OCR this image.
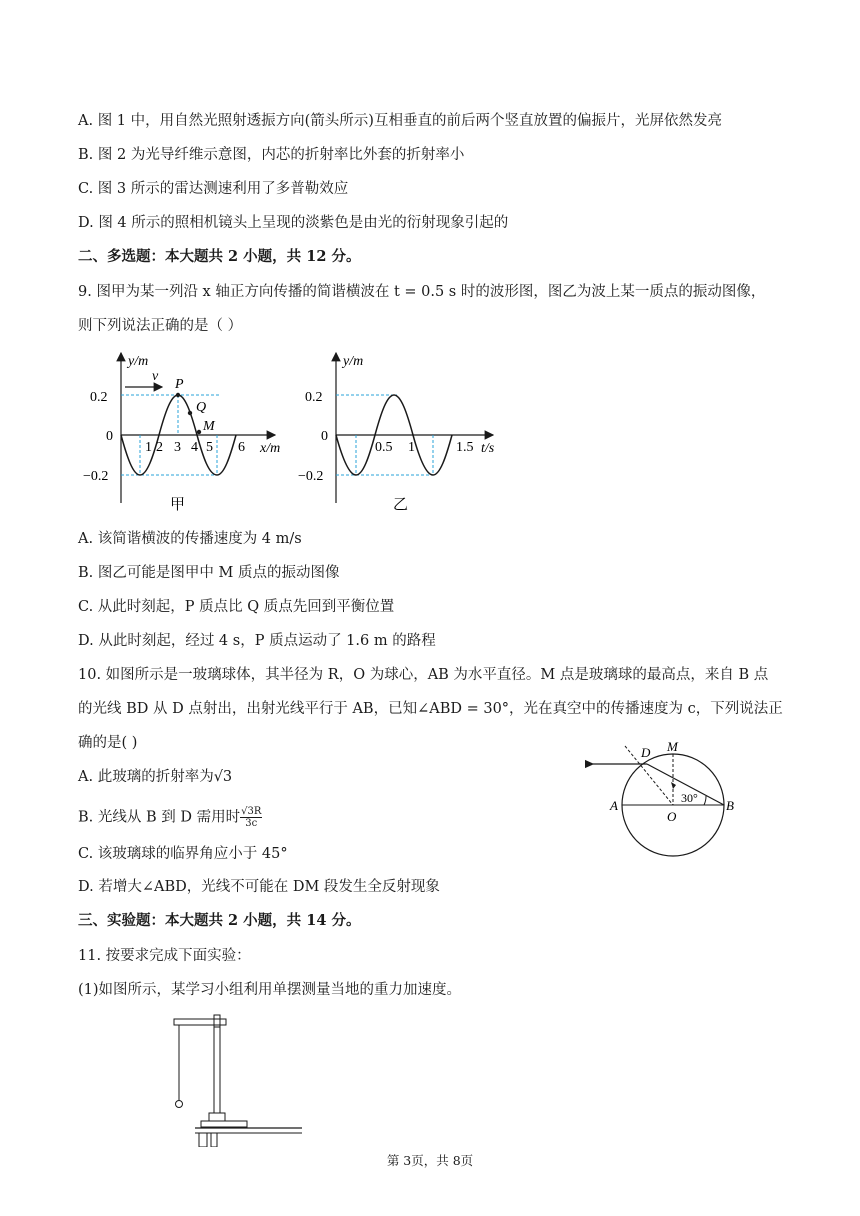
A. 图 1 中，用自然光照射透振方向(箭头所示)互相垂直的前后两个竖直放置的偏振片，光屏依然发亮
B. 图 2 为光导纤维示意图，内芯的折射率比外套的折射率小
C. 图 3 所示的雷达测速利用了多普勒效应
D. 图 4 所示的照相机镜头上呈现的淡紫色是由光的衍射现象引起的
二、多选题：本大题共 2 小题，共 12 分。
9. 图甲为某一列沿 x 轴正方向传播的简谐横波在 t = 0.5 s 时的波形图，图乙为波上某一质点的振动图像，
则下列说法正确的是（ ）
y/m
x/m
0.2
0
−0.2
1 2 3 4 5 6
v
P
Q
M
甲
y/m
t/s
0.2
0
−0.2
0.5 1	1.5
乙
A. 该简谐横波的传播速度为 4 m/s
B. 图乙可能是图甲中 M 质点的振动图像
C. 从此时刻起，P 质点比 Q 质点先回到平衡位置
D. 从此时刻起，经过 4 s，P 质点运动了 1.6 m 的路程
10. 如图所示是一玻璃球体，其半径为 R，O 为球心，AB 为水平直径。M 点是玻璃球的最高点，来自 B 点
的光线 BD 从 D 点射出，出射光线平行于 AB，已知∠ABD = 30°，光在真空中的传播速度为 c，下列说法正
确的是( )
D M
A
O
B
30°
A. 此玻璃的折射率为√3
B. 光线从 B 到 D 需用时 $\frac{√3R}{3c}$
C. 该玻璃球的临界角应小于 45°
D. 若增大∠ABD，光线不可能在 DM 段发生全反射现象
三、实验题：本大题共 2 小题，共 14 分。
11. 按要求完成下面实验：
(1)如图所示，某学习小组利用单摆测量当地的重力加速度。
第 3页，共 8页
